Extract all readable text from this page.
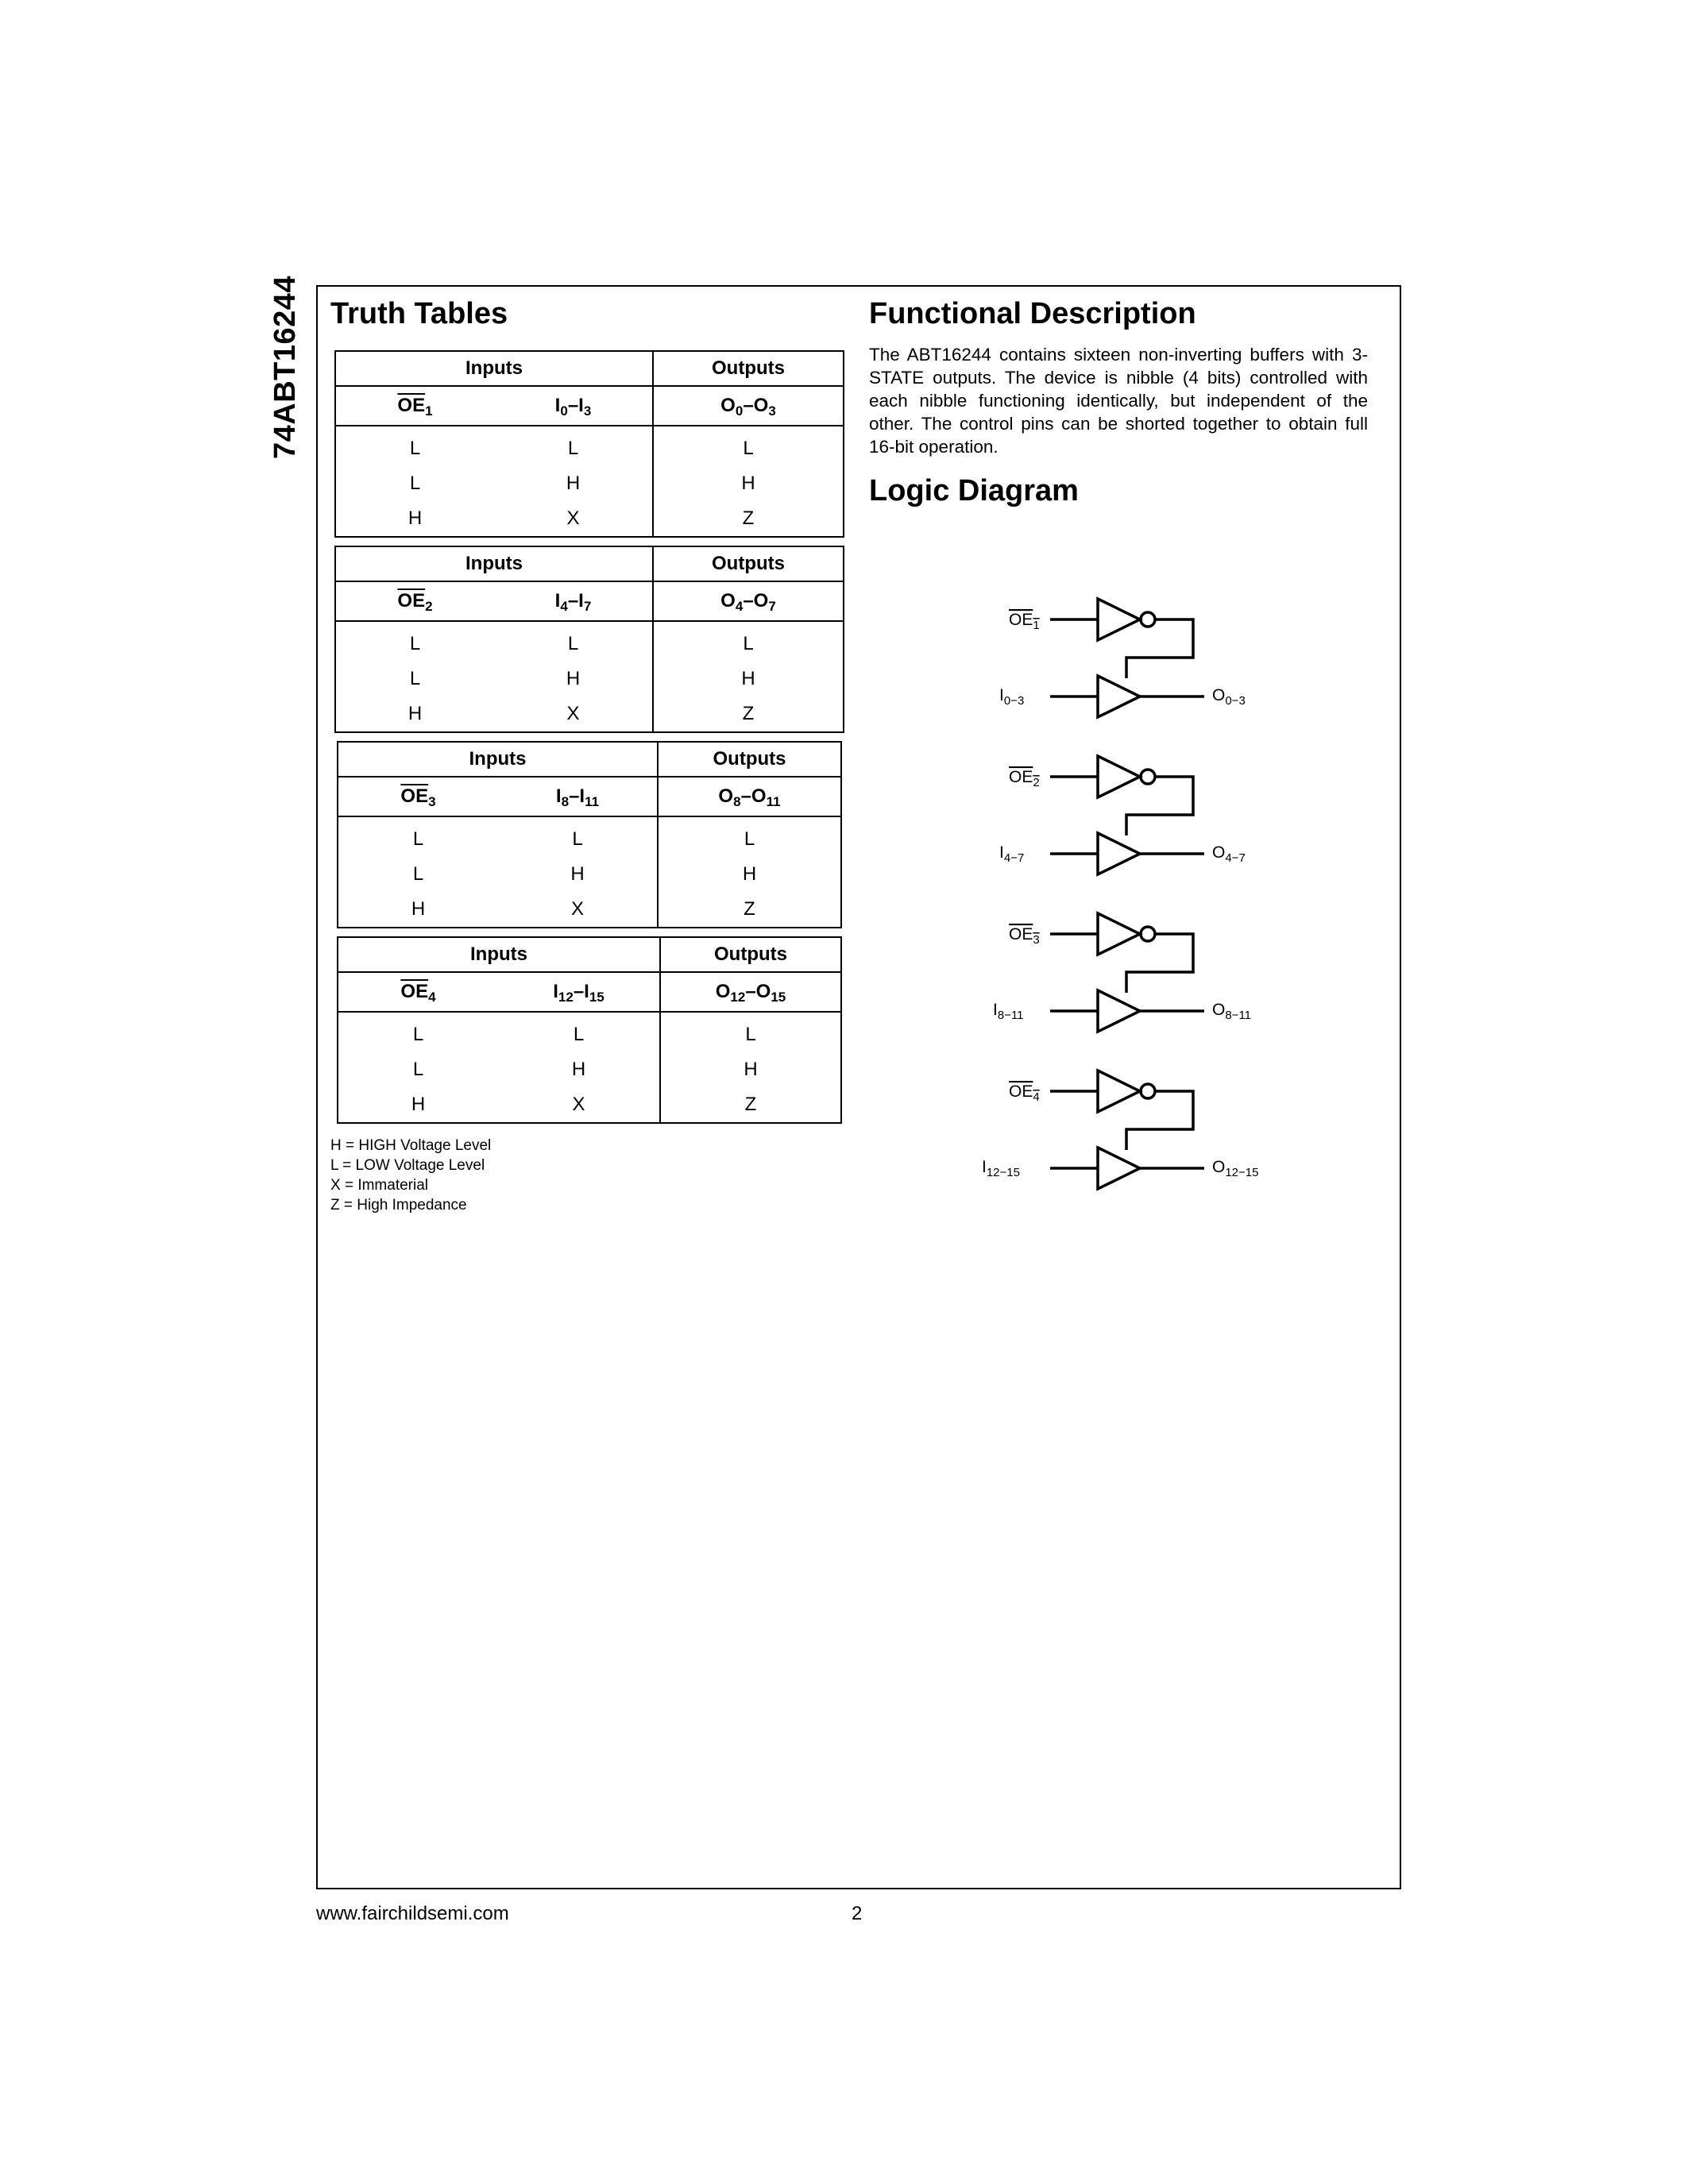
74ABT16244 Truth Tables	Functional Description
The ABT16244 contains sixteen non-inverting buffers with 3-STATE outputs. The device is nibble (4 bits) controlled with each nibble functioning identically, but independent of the other. The control pins can be shorted together to obtain full 16-bit operation.
Logic Diagram
Inputs		Outputs
$\overline{OE}_1$	$I_0-I_3$	$O_0-O_3$
L	L	L
L	H	H
H	X	Z
Inputs		Outputs
$\overline{OE}_2$	$I_4-I_7$	$O_4-O_7$
L	L	L
L	H	H
H	X	Z
Inputs		Outputs
$\overline{OE}_3$	$I_8-I_{11}$	$O_8-O_{11}$
L	L	L
L	H	H
H	X	Z
Inputs		Outputs
$\overline{OE}_4$	$I_{12}-I_{15}$	$O_{12}-O_{15}$
L	L	L
L	H	H
H	X	Z
H = HIGH Voltage Level
L = LOW Voltage Level
X = Immaterial
Z = High Impedance
$OE_1$
$I_{0-3}$	$O_{0-3}$
$OE_2$
$I_{4-7}$	$O_{4-7}$
$OE_3$
$I_{8-11}$	$O_{8-11}$
$OE_4$
$I_{12-15}$	$O_{12-15}$
www.fairchildsemi.com	2
